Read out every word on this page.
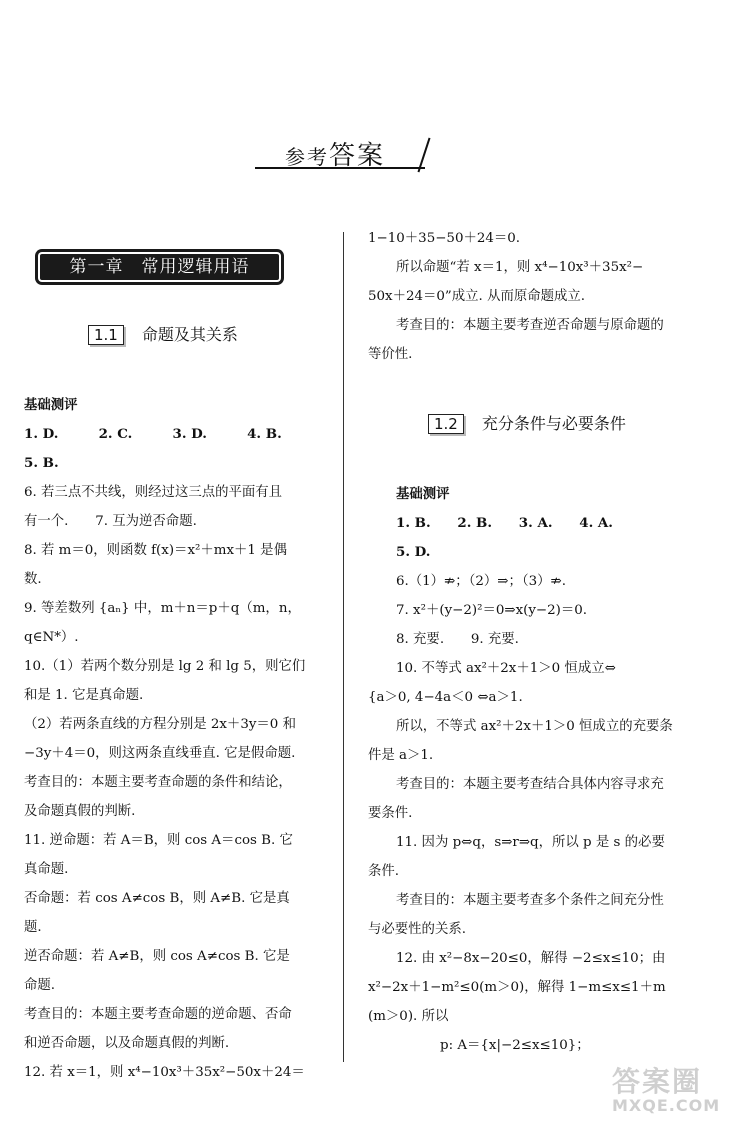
参考答案
第一章　常用逻辑用语
1.1 命题及其关系

基础测评

1. D.　　　2. C.　　　3. D.　　　4. B.

5. B.

6. 若三点不共线，则经过这三点的平面有且

有一个.　　7. 互为逆否命题.

8. 若 m＝0，则函数 f(x)＝x²＋mx＋1 是偶

数.

9. 等差数列 {aₙ} 中，m＋n＝p＋q（m，n，

q∈N*）.

10.（1）若两个数分别是 lg 2 和 lg 5，则它们

和是 1. 它是真命题.

（2）若两条直线的方程分别是 2x＋3y＝0 和

−3y＋4＝0，则这两条直线垂直. 它是假命题.

考查目的：本题主要考查命题的条件和结论，

及命题真假的判断.

11. 逆命题：若 A＝B，则 cos A＝cos B. 它

真命题.

否命题：若 cos A≠cos B，则 A≠B. 它是真

题.

逆否命题：若 A≠B，则 cos A≠cos B. 它是

命题.

考查目的：本题主要考查命题的逆命题、否命

和逆否命题，以及命题真假的判断.

12. 若 x＝1，则 x⁴−10x³＋35x²−50x＋24＝

1−10＋35−50＋24＝0.

所以命题“若 x＝1，则 x⁴−10x³＋35x²−

50x＋24＝0”成立. 从而原命题成立.

考查目的：本题主要考查逆否命题与原命题的

等价性.

1.2 充分条件与必要条件

基础测评

1. B.　　2. B.　　3. A.　　4. A.

5. D.

6.（1）⇏；（2）⇒；（3）⇏.

7. x²＋(y−2)²＝0⇒x(y−2)＝0.

8. 充要.　　9. 充要.

10. 不等式 ax²＋2x＋1＞0 恒成立⇔

{a＞0, 4−4a＜0 ⇔a＞1.

所以，不等式 ax²＋2x＋1＞0 恒成立的充要条

件是 a＞1.

考查目的：本题主要考查结合具体内容寻求充

要条件.

11. 因为 p⇔q，s⇒r⇒q，所以 p 是 s 的必要

条件.

考查目的：本题主要考查多个条件之间充分性

与必要性的关系.

12. 由 x²−8x−20≤0，解得 −2≤x≤10；由

x²−2x＋1−m²≤0(m＞0)，解得 1−m≤x≤1＋m

(m＞0). 所以

p: A＝{x|−2≤x≤10}；

答案圈
MXQE.COM
